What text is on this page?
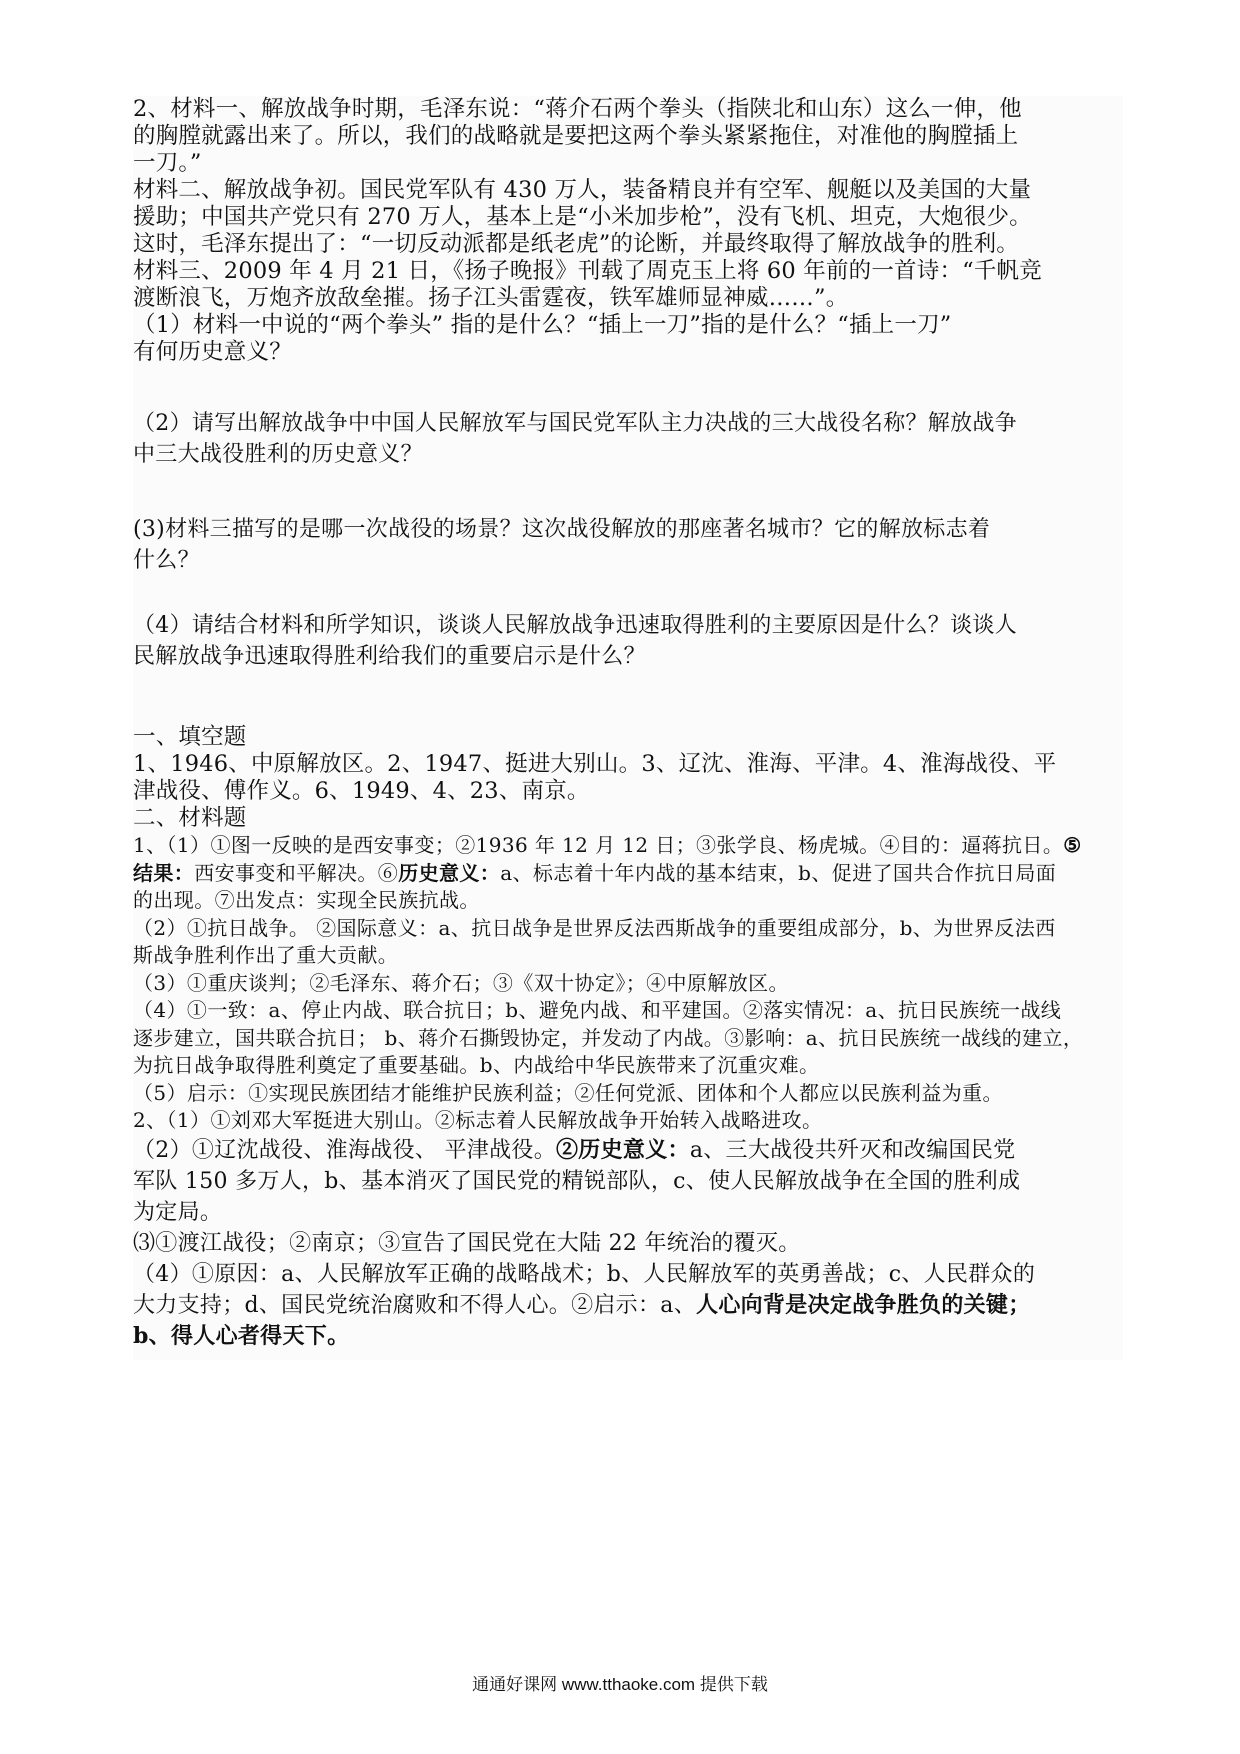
2、材料一、解放战争时期，毛泽东说：“蒋介石两个拳头（指陕北和山东）这么一伸，他
的胸膛就露出来了。所以，我们的战略就是要把这两个拳头紧紧拖住，对准他的胸膛插上
一刀。”
材料二、解放战争初。国民党军队有 430 万人，装备精良并有空军、舰艇以及美国的大量
援助；中国共产党只有 270 万人，基本上是“小米加步枪”，没有飞机、坦克，大炮很少。
这时，毛泽东提出了：“一切反动派都是纸老虎”的论断，并最终取得了解放战争的胜利。
材料三、2009 年 4 月 21 日，《扬子晚报》刊载了周克玉上将 60 年前的一首诗：“千帆竞
渡断浪飞，万炮齐放敌垒摧。扬子江头雷霆夜，铁军雄师显神威……”。
（1）材料一中说的“两个拳头” 指的是什么？“插上一刀”指的是什么？“插上一刀”
有何历史意义？
（2）请写出解放战争中中国人民解放军与国民党军队主力决战的三大战役名称？解放战争
中三大战役胜利的历史意义？
(3)材料三描写的是哪一次战役的场景？这次战役解放的那座著名城市？它的解放标志着
什么？
（4）请结合材料和所学知识，谈谈人民解放战争迅速取得胜利的主要原因是什么？谈谈人
民解放战争迅速取得胜利给我们的重要启示是什么？
一、填空题
1、1946、中原解放区。2、1947、挺进大别山。3、辽沈、淮海、平津。4、淮海战役、平
津战役、傅作义。6、1949、4、23、南京。
二、材料题
1、（1）①图一反映的是西安事变；②1936 年 12 月 12 日；③张学良、杨虎城。④目的：逼蒋抗日。⑤
结果：西安事变和平解决。⑥历史意义：a、标志着十年内战的基本结束，b、促进了国共合作抗日局面
的出现。⑦出发点：实现全民族抗战。
（2）①抗日战争。 ②国际意义：a、抗日战争是世界反法西斯战争的重要组成部分，b、为世界反法西
斯战争胜利作出了重大贡献。
（3）①重庆谈判；②毛泽东、蒋介石；③《双十协定》；④中原解放区。
（4）①一致：a、停止内战、联合抗日；b、避免内战、和平建国。②落实情况：a、抗日民族统一战线
逐步建立，国共联合抗日； b、蒋介石撕毁协定，并发动了内战。③影响：a、抗日民族统一战线的建立，
为抗日战争取得胜利奠定了重要基础。b、内战给中华民族带来了沉重灾难。
（5）启示：①实现民族团结才能维护民族利益；②任何党派、团体和个人都应以民族利益为重。
2、（1）①刘邓大军挺进大别山。②标志着人民解放战争开始转入战略进攻。
（2）①辽沈战役、淮海战役、 平津战役。②历史意义：a、三大战役共歼灭和改编国民党
军队 150 多万人，b、基本消灭了国民党的精锐部队，c、使人民解放战争在全国的胜利成
为定局。
⑶①渡江战役；②南京；③宣告了国民党在大陆 22 年统治的覆灭。
（4）①原因：a、人民解放军正确的战略战术；b、人民解放军的英勇善战；c、人民群众的
大力支持；d、国民党统治腐败和不得人心。②启示：a、人心向背是决定战争胜负的关键；
b、得人心者得天下。
通通好课网 www.tthaoke.com 提供下载
